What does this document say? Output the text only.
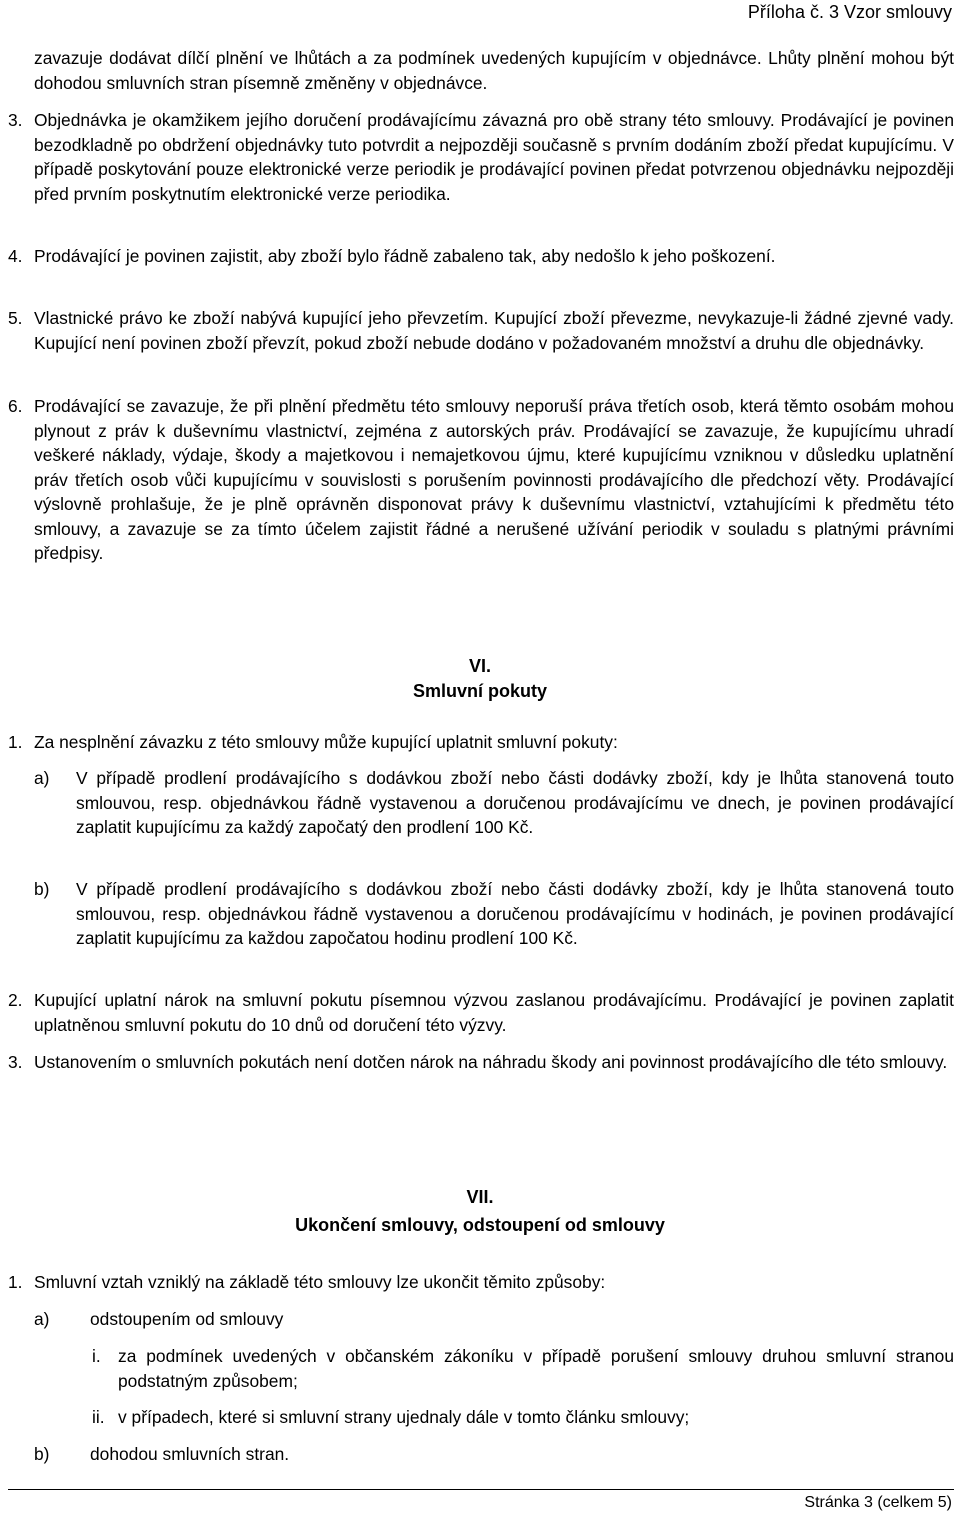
Příloha č. 3 Vzor smlouvy
zavazuje dodávat dílčí plnění ve lhůtách a za podmínek uvedených kupujícím v objednávce. Lhůty plnění mohou být dohodou smluvních stran písemně změněny v objednávce.
3. Objednávka je okamžikem jejího doručení prodávajícímu závazná pro obě strany této smlouvy. Prodávající je povinen bezodkladně po obdržení objednávky tuto potvrdit a nejpozději současně s prvním dodáním zboží předat kupujícímu. V případě poskytování pouze elektronické verze periodik je prodávající povinen předat potvrzenou objednávku nejpozději před prvním poskytnutím elektronické verze periodika.
4. Prodávající je povinen zajistit, aby zboží bylo řádně zabaleno tak, aby nedošlo k jeho poškození.
5. Vlastnické právo ke zboží nabývá kupující jeho převzetím. Kupující zboží převezme, nevykazuje-li žádné zjevné vady. Kupující není povinen zboží převzít, pokud zboží nebude dodáno v požadovaném množství a druhu dle objednávky.
6. Prodávající se zavazuje, že při plnění předmětu této smlouvy neporuší práva třetích osob, která těmto osobám mohou plynout z práv k duševnímu vlastnictví, zejména z autorských práv. Prodávající se zavazuje, že kupujícímu uhradí veškeré náklady, výdaje, škody a majetkovou i nemajetkovou újmu, které kupujícímu vzniknou v důsledku uplatnění práv třetích osob vůči kupujícímu v souvislosti s porušením povinnosti prodávajícího dle předchozí věty. Prodávající výslovně prohlašuje, že je plně oprávněn disponovat právy k duševnímu vlastnictví, vztahujícími k předmětu této smlouvy, a zavazuje se za tímto účelem zajistit řádné a nerušené užívání periodik v souladu s platnými právními předpisy.
VI.
Smluvní pokuty
1. Za nesplnění závazku z této smlouvy může kupující uplatnit smluvní pokuty:
a) V případě prodlení prodávajícího s dodávkou zboží nebo části dodávky zboží, kdy je lhůta stanovená touto smlouvou, resp. objednávkou řádně vystavenou a doručenou prodávajícímu ve dnech, je povinen prodávající zaplatit kupujícímu za každý započatý den prodlení 100 Kč.
b) V případě prodlení prodávajícího s dodávkou zboží nebo části dodávky zboží, kdy je lhůta stanovená touto smlouvou, resp. objednávkou řádně vystavenou a doručenou prodávajícímu v hodinách, je povinen prodávající zaplatit kupujícímu za každou započatou hodinu prodlení 100 Kč.
2. Kupující uplatní nárok na smluvní pokutu písemnou výzvou zaslanou prodávajícímu. Prodávající je povinen zaplatit uplatněnou smluvní pokutu do 10 dnů od doručení této výzvy.
3. Ustanovením o smluvních pokutách není dotčen nárok na náhradu škody ani povinnost prodávajícího dle této smlouvy.
VII.
Ukončení smlouvy, odstoupení od smlouvy
1. Smluvní vztah vzniklý na základě této smlouvy lze ukončit těmito způsoby:
a) odstoupením od smlouvy
i. za podmínek uvedených v občanském zákoníku v případě porušení smlouvy druhou smluvní stranou podstatným způsobem;
ii. v případech, které si smluvní strany ujednaly dále v tomto článku smlouvy;
b) dohodou smluvních stran.
Stránka 3 (celkem 5)
